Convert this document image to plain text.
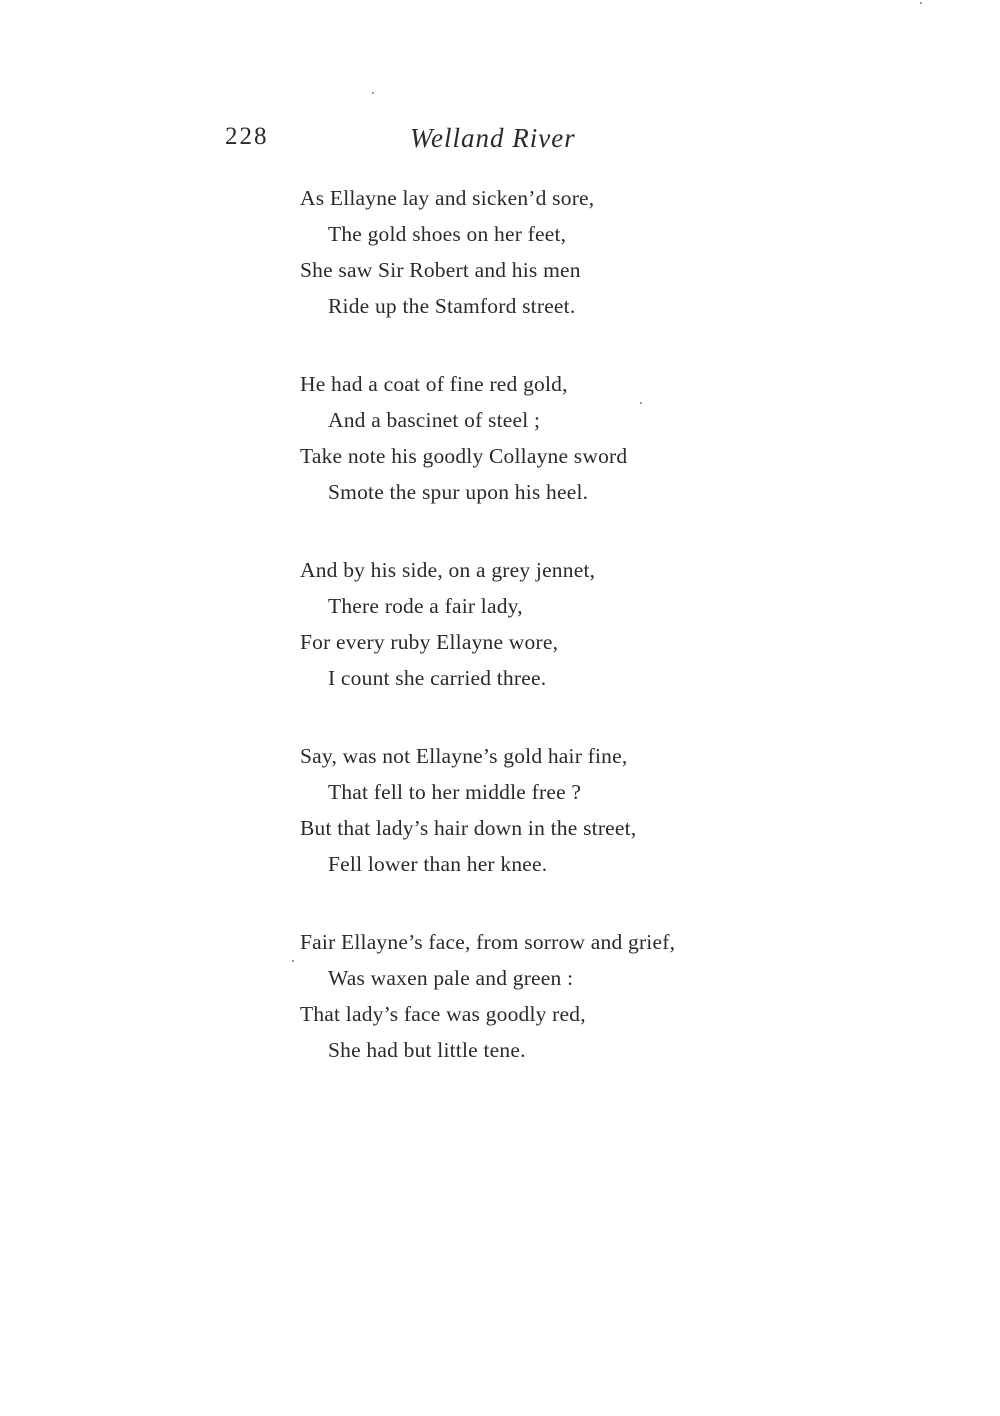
228	Welland River
As Ellayne lay and sicken’d sore,
The gold shoes on her feet,
She saw Sir Robert and his men
Ride up the Stamford street.
He had a coat of fine red gold,
And a bascinet of steel ;
Take note his goodly Collayne sword
Smote the spur upon his heel.
And by his side, on a grey jennet,
There rode a fair lady,
For every ruby Ellayne wore,
I count she carried three.
Say, was not Ellayne’s gold hair fine,
That fell to her middle free ?
But that lady’s hair down in the street,
Fell lower than her knee.
Fair Ellayne’s face, from sorrow and grief,
Was waxen pale and green :
That lady’s face was goodly red,
She had but little tene.
